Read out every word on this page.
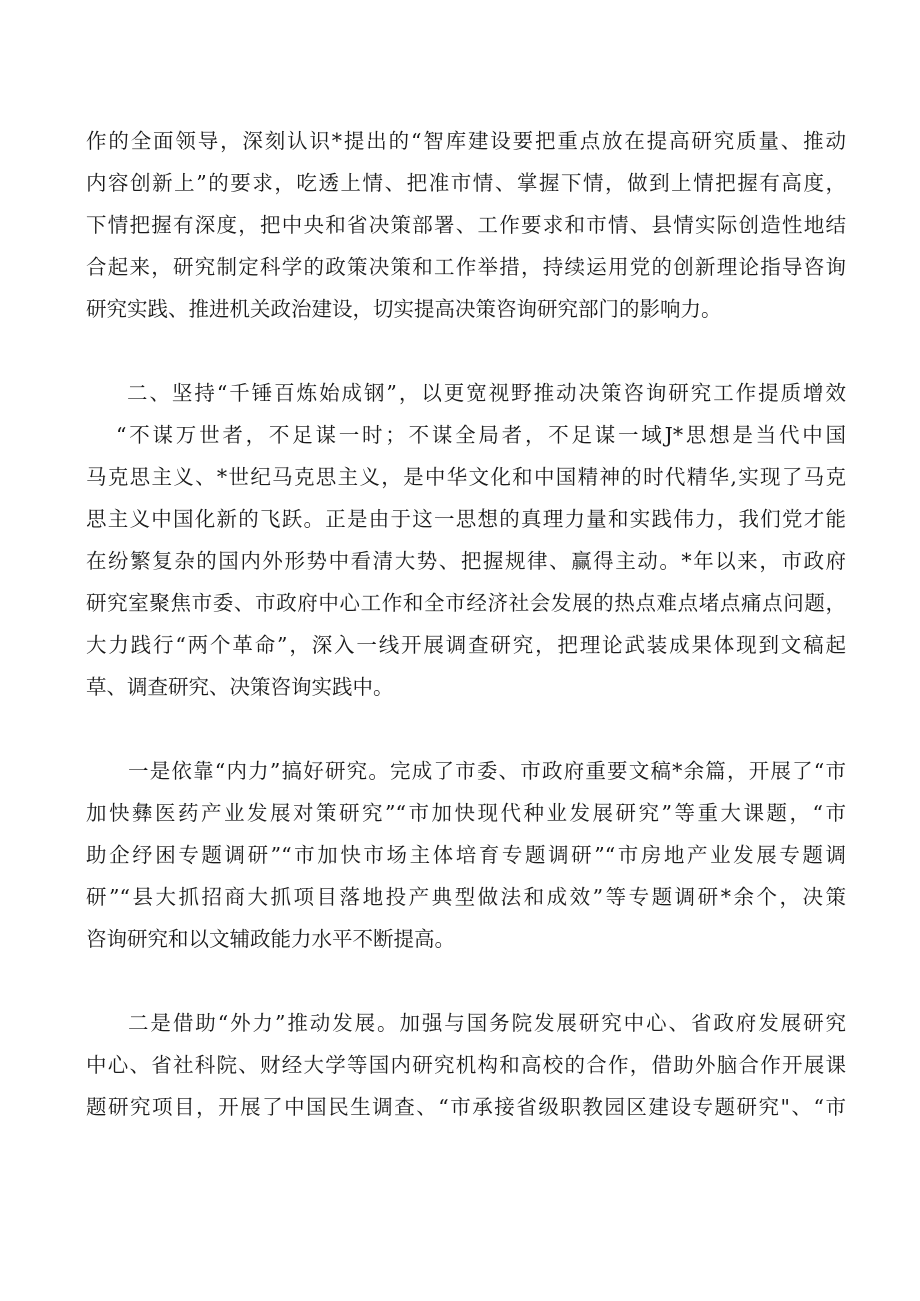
作的全面领导，深刻认识*提出的“智库建设要把重点放在提高研究质量、推动
内容创新上”的要求，吃透上情、把准市情、掌握下情，做到上情把握有高度，
下情把握有深度，把中央和省决策部署、工作要求和市情、县情实际创造性地结
合起来，研究制定科学的政策决策和工作举措，持续运用党的创新理论指导咨询
研究实践、推进机关政治建设，切实提高决策咨询研究部门的影响力。
二、坚持“千锤百炼始成钢”，以更宽视野推动决策咨询研究工作提质增效
“不谋万世者，不足谋一时；不谋全局者，不足谋一域J*思想是当代中国
马克思主义、*世纪马克思主义，是中华文化和中国精神的时代精华,实现了马克
思主义中国化新的飞跃。正是由于这一思想的真理力量和实践伟力，我们党才能
在纷繁复杂的国内外形势中看清大势、把握规律、赢得主动。*年以来，市政府
研究室聚焦市委、市政府中心工作和全市经济社会发展的热点难点堵点痛点问题，
大力践行“两个革命”，深入一线开展调查研究，把理论武装成果体现到文稿起
草、调查研究、决策咨询实践中。
一是依靠“内力”搞好研究。完成了市委、市政府重要文稿*余篇，开展了“市
加快彝医药产业发展对策研究”“市加快现代种业发展研究”等重大课题，“市
助企纾困专题调研”“市加快市场主体培育专题调研”“市房地产业发展专题调
研”“县大抓招商大抓项目落地投产典型做法和成效”等专题调研*余个，决策
咨询研究和以文辅政能力水平不断提高。
二是借助“外力”推动发展。加强与国务院发展研究中心、省政府发展研究
中心、省社科院、财经大学等国内研究机构和高校的合作，借助外脑合作开展课
题研究项目，开展了中国民生调查、“市承接省级职教园区建设专题研究"、“市
